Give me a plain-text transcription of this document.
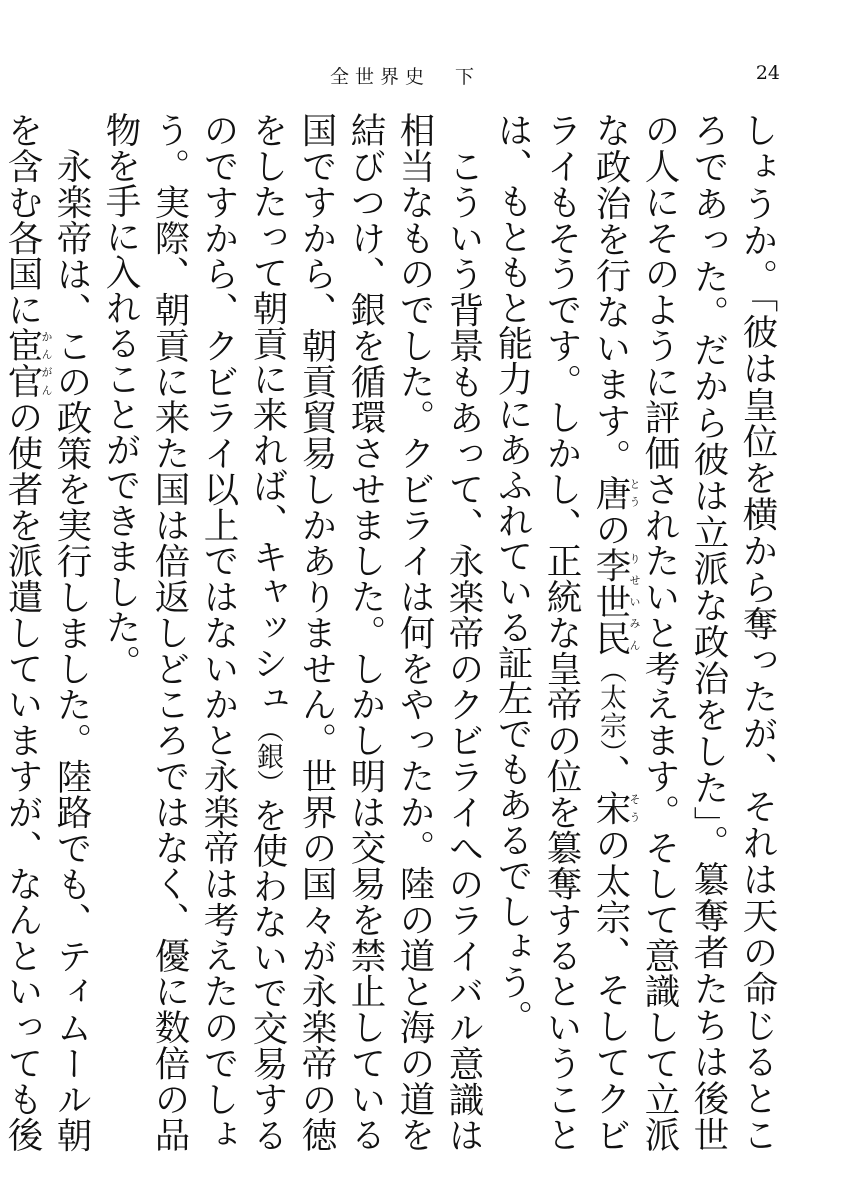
全世界史　下	24

しょうか。「彼は皇位を横から奪ったが、それは天の命じるところであった。だから彼は立派な政治をした」。簒奪者たちは後世の人にそのように評価されたいと考えます。そして意識して立派な政治を行ないます。唐とうの李世民りせいみん（太宗）、宋そうの太宗、そしてクビライもそうです。しかし、正統な皇帝の位を簒奪するということは、もともと能力にあふれている証左でもあるでしょう。

こういう背景もあって、永楽帝のクビライへのライバル意識は相当なものでした。クビライは何をやったか。陸の道と海の道を結びつけ、銀を循環させました。しかし明は交易を禁止している国ですから、朝貢貿易しかありません。世界の国々が永楽帝の徳をしたって朝貢に来れば、キャッシュ（銀）を使わないで交易するのですから、クビライ以上ではないかと永楽帝は考えたのでしょう。実際、朝貢に来た国は倍返しどころではなく、優に数倍の品物を手に入れることができました。

永楽帝は、この政策を実行しました。陸路でも、ティムール朝を含む各国に宦官かんがんの使者を派遣していますが、なんといっても後
